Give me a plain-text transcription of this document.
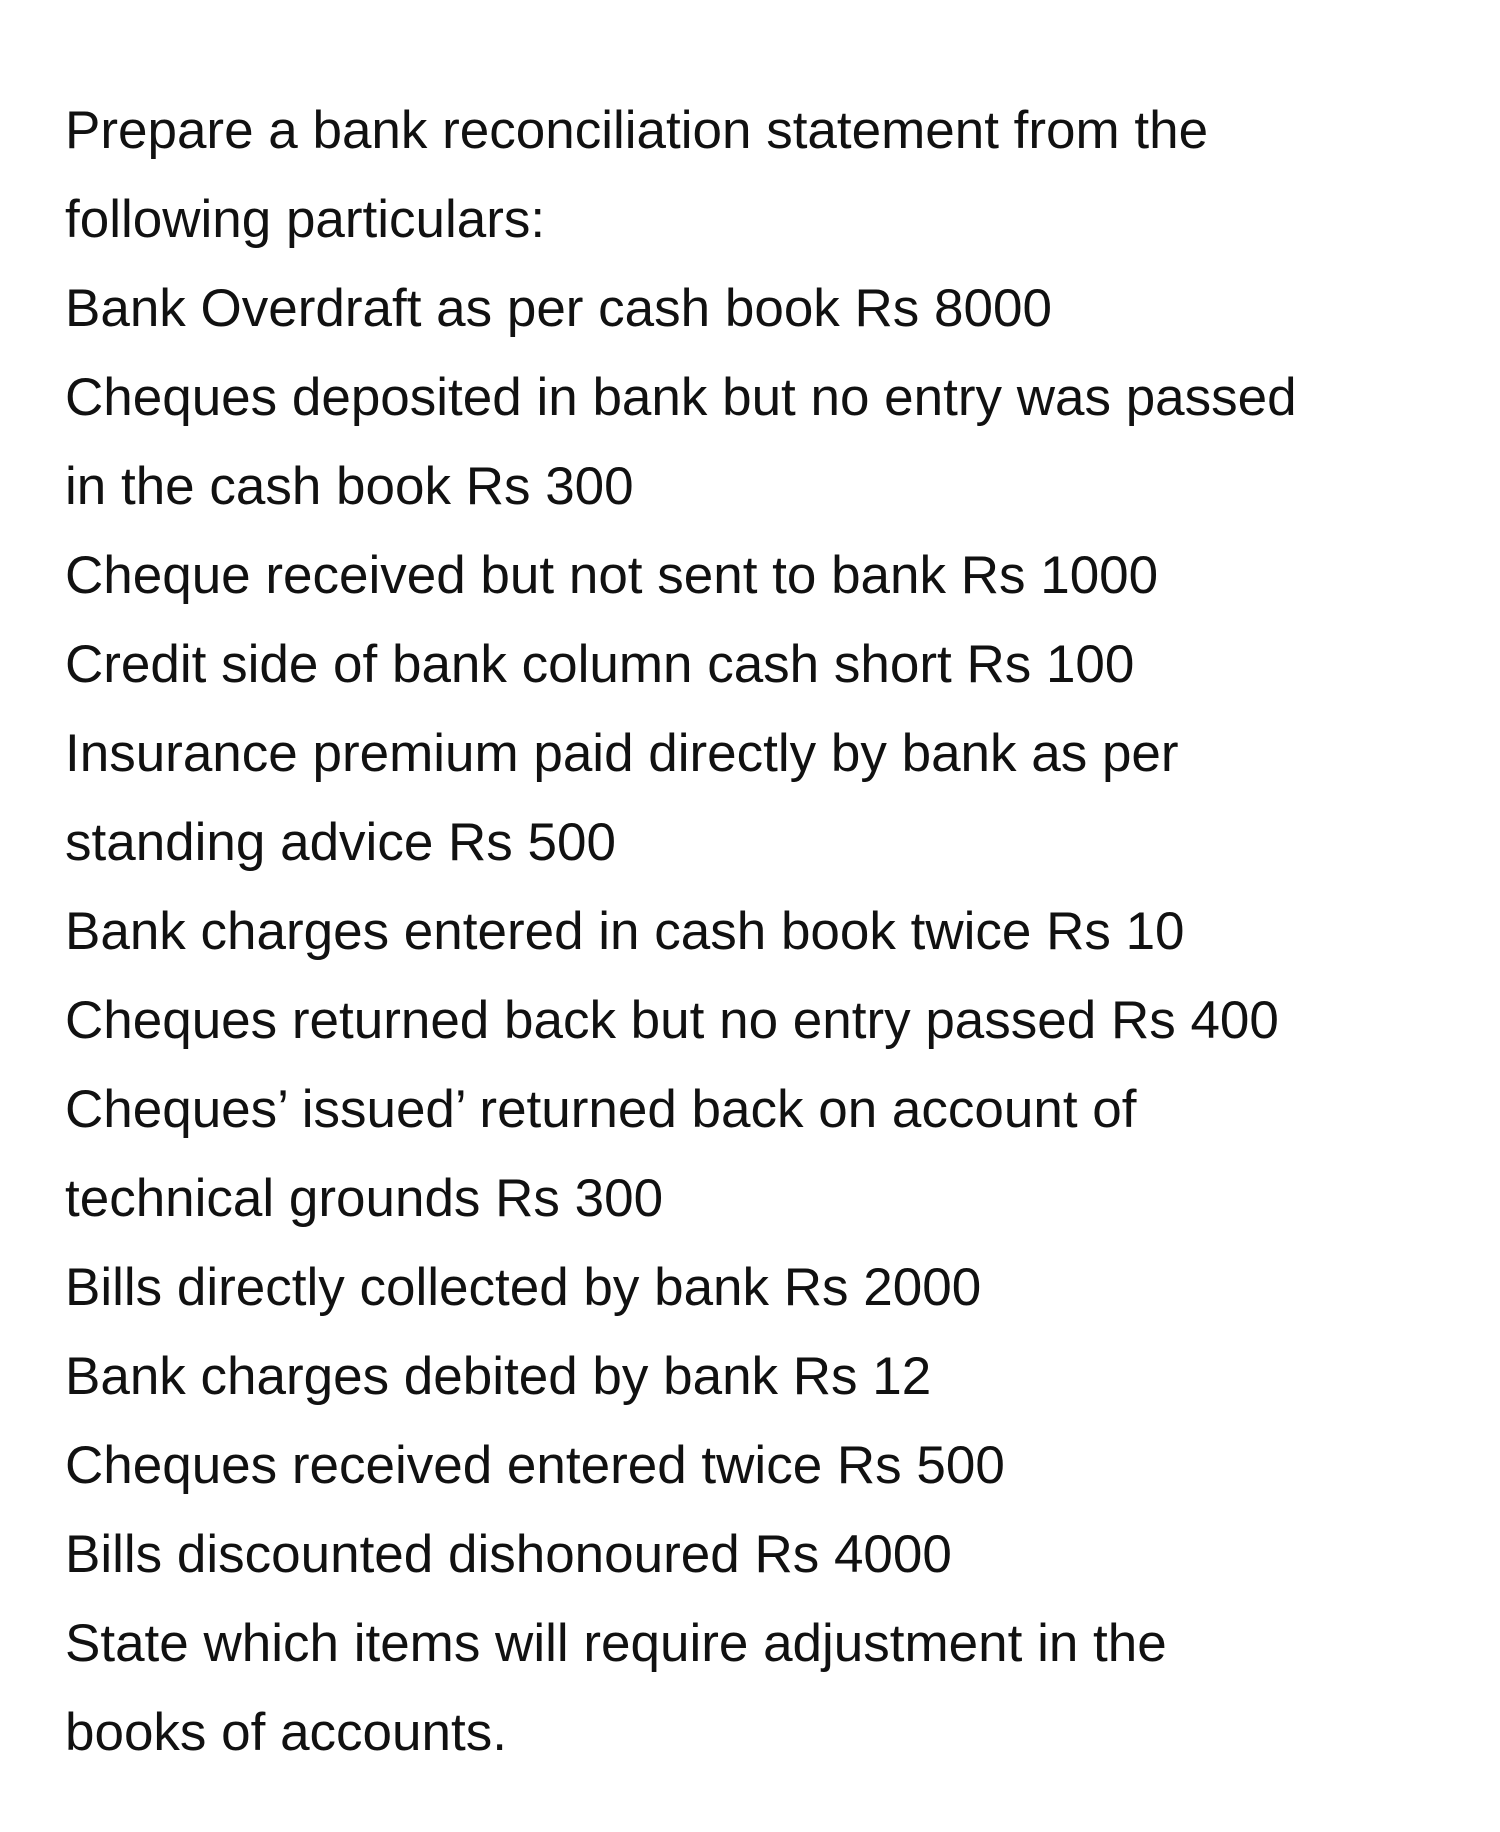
Prepare a bank reconciliation statement from the

following particulars:

Bank Overdraft as per cash book Rs 8000

Cheques deposited in bank but no entry was passed

in the cash book Rs 300

Cheque received but not sent to bank Rs 1000

Credit side of bank column cash short Rs 100

Insurance premium paid directly by bank as per

standing advice Rs 500

Bank charges entered in cash book twice Rs 10

Cheques returned back but no entry passed Rs 400

Cheques’ issued’ returned back on account of

technical grounds Rs 300

Bills directly collected by bank Rs 2000

Bank charges debited by bank Rs 12

Cheques received entered twice Rs 500

Bills discounted dishonoured Rs 4000

State which items will require adjustment in the

books of accounts.
